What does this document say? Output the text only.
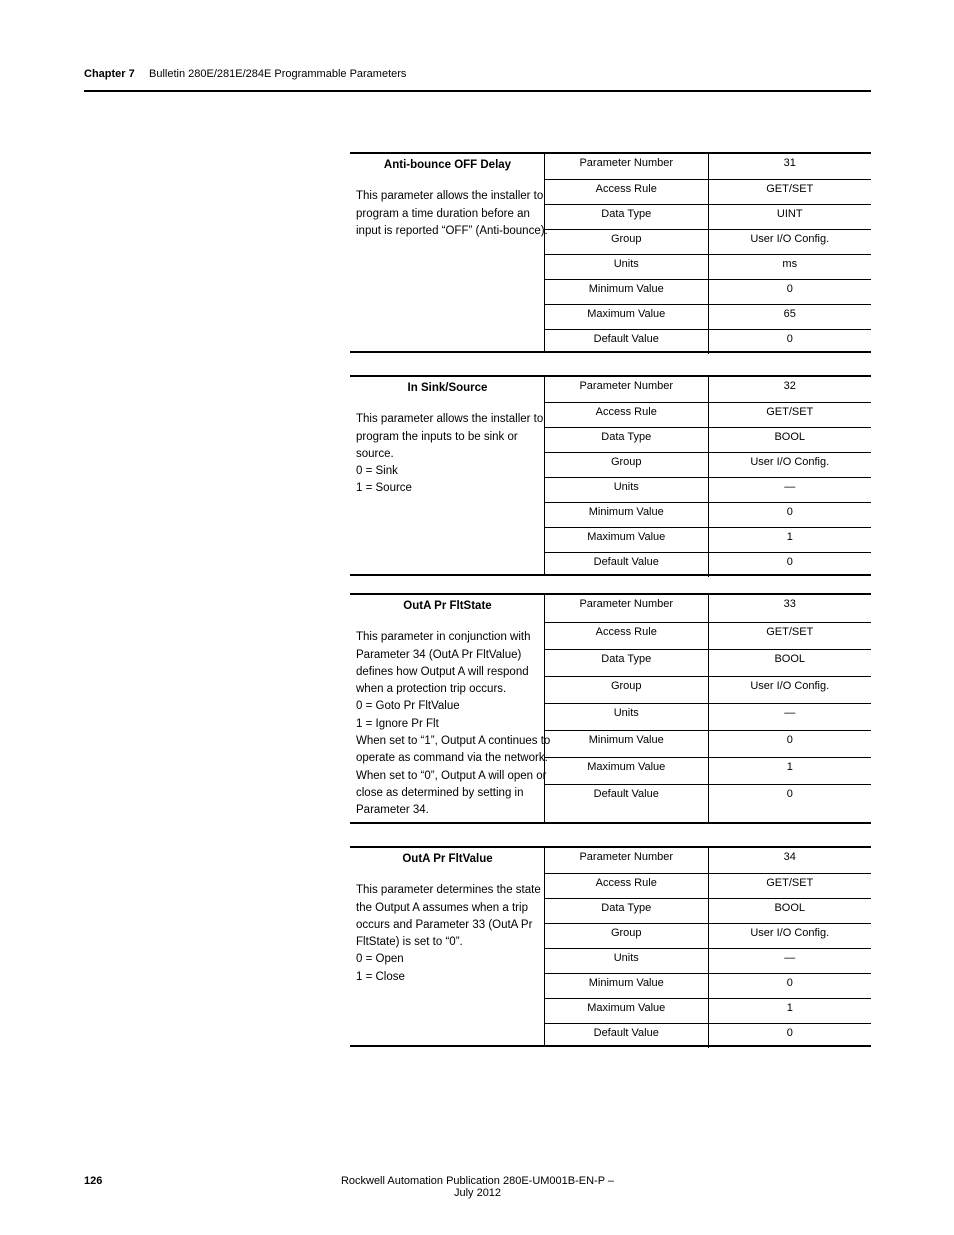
Chapter 7 Bulletin 280E/281E/284E Programmable Parameters
Anti-bounce OFF Delay
This parameter allows the installer to
program a time duration before an
input is reported “OFF” (Anti-bounce).
Parameter Number	31
Access Rule	GET/SET
Data Type	UINT
Group	User I/O Config.
Units	ms
Minimum Value	0
Maximum Value	65
Default Value	0
In Sink/Source
This parameter allows the installer to
program the inputs to be sink or
source.
0 = Sink
1 = Source
Parameter Number	32
Access Rule	GET/SET
Data Type	BOOL
Group	User I/O Config.
Units	—
Minimum Value	0
Maximum Value	1
Default Value	0
OutA Pr FltState
This parameter in conjunction with
Parameter 34 (OutA Pr FltValue)
defines how Output A will respond
when a protection trip occurs.
0 = Goto Pr FltValue
1 = Ignore Pr Flt
When set to “1”, Output A continues to
operate as command via the network.
When set to “0”, Output A will open or
close as determined by setting in
Parameter 34.
Parameter Number	33
Access Rule	GET/SET
Data Type	BOOL
Group	User I/O Config.
Units	—
Minimum Value	0
Maximum Value	1
Default Value	0
OutA Pr FltValue
This parameter determines the state
the Output A assumes when a trip
occurs and Parameter 33 (OutA Pr
FltState) is set to “0”.
0 = Open
1 = Close
Parameter Number	34
Access Rule	GET/SET
Data Type	BOOL
Group	User I/O Config.
Units	—
Minimum Value	0
Maximum Value	1
Default Value	0
126	Rockwell Automation Publication 280E-UM001B-EN-P – July 2012
